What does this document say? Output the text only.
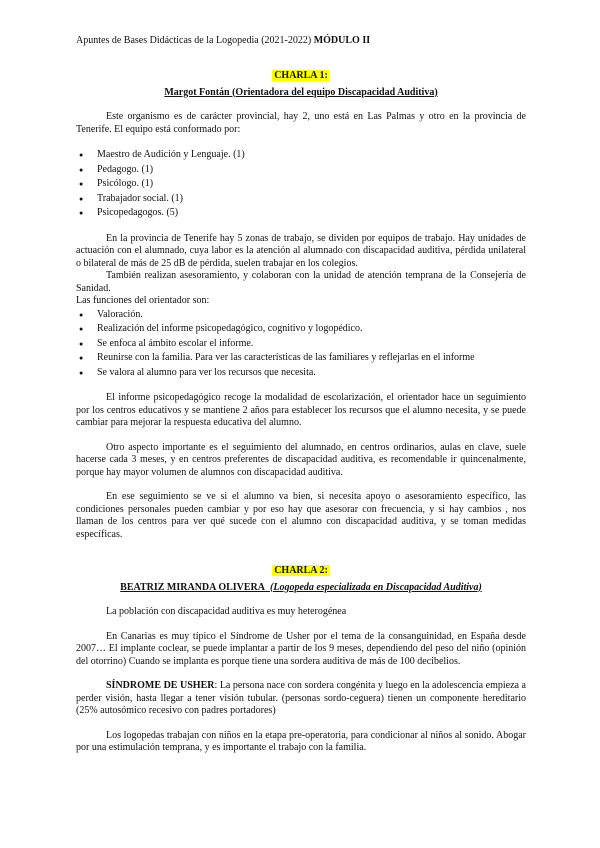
Apuntes de Bases Didácticas de la Logopedia (2021-2022) MÓDULO II
CHARLA 1:
Margot Fontán (Orientadora del equipo Discapacidad Auditiva)

Este organismo es de carácter provincial, hay 2, uno está en Las Palmas y otro en la provincia de Tenerife. El equipo está conformado por:

● Maestro de Audición y Lenguaje. (1)
● Pedagogo. (1)
● Psicólogo. (1)
● Trabajador social. (1)
● Psicopedagogos. (5)

En la provincia de Tenerife hay 5 zonas de trabajo, se dividen por equipos de trabajo. Hay unidades de actuación con el alumnado, cuya labor es la atención al alumnado con discapacidad auditiva, pérdida unilateral o bilateral de más de 25 dB de pérdida, suelen trabajar en los colegios.

También realizan asesoramiento, y colaboran con la unidad de atención temprana de la Consejería de Sanidad.

Las funciones del orientador son:

● Valoración.
● Realización del informe psicopedagógico, cognitivo y logopédico.
● Se enfoca al ámbito escolar el informe.
● Reunirse con la familia. Para ver las características de las familiares y reflejarlas en el informe
● Se valora al alumno para ver los recursos que necesita.

El informe psicopedagógico recoge la modalidad de escolarización, el orientador hace un seguimiento por los centros educativos y se mantiene 2 años para establecer los recursos que el alumno necesita, y se puede cambiar para mejorar la respuesta educativa del alumno.

Otro aspecto importante es el seguimiento del alumnado, en centros ordinarios, aulas en clave, suele hacerse cada 3 meses, y en centros preferentes de discapacidad auditiva, es recomendable ir quincenalmente, porque hay mayor volumen de alumnos con discapacidad auditiva.

En ese seguimiento se ve si el alumno va bien, si necesita apoyo o asesoramiento específico, las condiciones personales pueden cambiar y por eso hay que asesorar con frecuencia, y si hay cambios , nos llaman de los centros para ver qué sucede con el alumno con discapacidad auditiva, y se toman medidas específicas.

CHARLA 2:
BEATRIZ MIRANDA OLIVERA (Logopeda especializada en Discapacidad Auditiva)

La población con discapacidad auditiva es muy heterogénea

En Canarias es muy típico el Síndrome de Usher por el tema de la consanguinidad, en España desde 2007… El implante coclear, se puede implantar a partir de los 9 meses, dependiendo del peso del niño (opinión del otorrino) Cuando se implanta es porque tiene una sordera auditiva de más de 100 decibelios.

SÍNDROME DE USHER: La persona nace con sordera congénita y luego en la adolescencia empieza a perder visión, hasta llegar a tener visión tubular. (personas sordo-ceguera) tienen un componente hereditario (25% autosómico recesivo con padres portadores)

Los logopedas trabajan con niños en la etapa pre-operatoria, para condicionar al niños al sonido. Abogar por una estimulación temprana, y es importante el trabajo con la familia.
